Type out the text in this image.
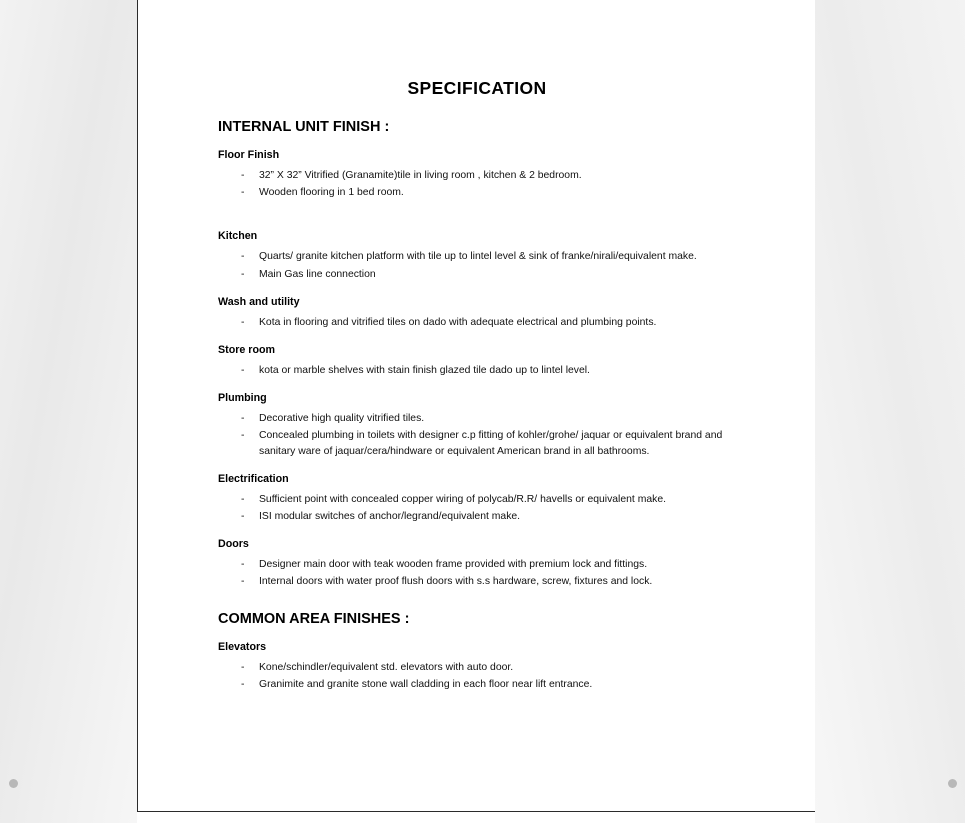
SPECIFICATION
INTERNAL UNIT FINISH :
Floor Finish
- 32” X 32” Vitrified (Granamite)tile in living room , kitchen & 2 bedroom.
- Wooden flooring in 1 bed room.
Kitchen
- Quarts/ granite kitchen platform with tile up to lintel level & sink of franke/nirali/equivalent make.
- Main Gas line connection
Wash and utility
- Kota in flooring and vitrified tiles on dado with adequate electrical and plumbing points.
Store room
- kota or marble shelves with stain finish glazed tile dado up to lintel level.
Plumbing
- Decorative high quality vitrified tiles.
- Concealed plumbing in toilets with designer c.p fitting of kohler/grohe/ jaquar or equivalent brand and sanitary ware of jaquar/cera/hindware or equivalent American brand in all bathrooms.
Electrification
- Sufficient point with concealed copper wiring of polycab/R.R/ havells or equivalent make.
- ISI modular switches of anchor/legrand/equivalent make.
Doors
- Designer main door with teak wooden frame provided with premium lock and fittings.
- Internal doors with water proof flush doors with s.s hardware, screw, fixtures and lock.
COMMON AREA FINISHES :
Elevators
- Kone/schindler/equivalent std. elevators with auto door.
- Granimite and granite stone wall cladding in each floor near lift entrance.
